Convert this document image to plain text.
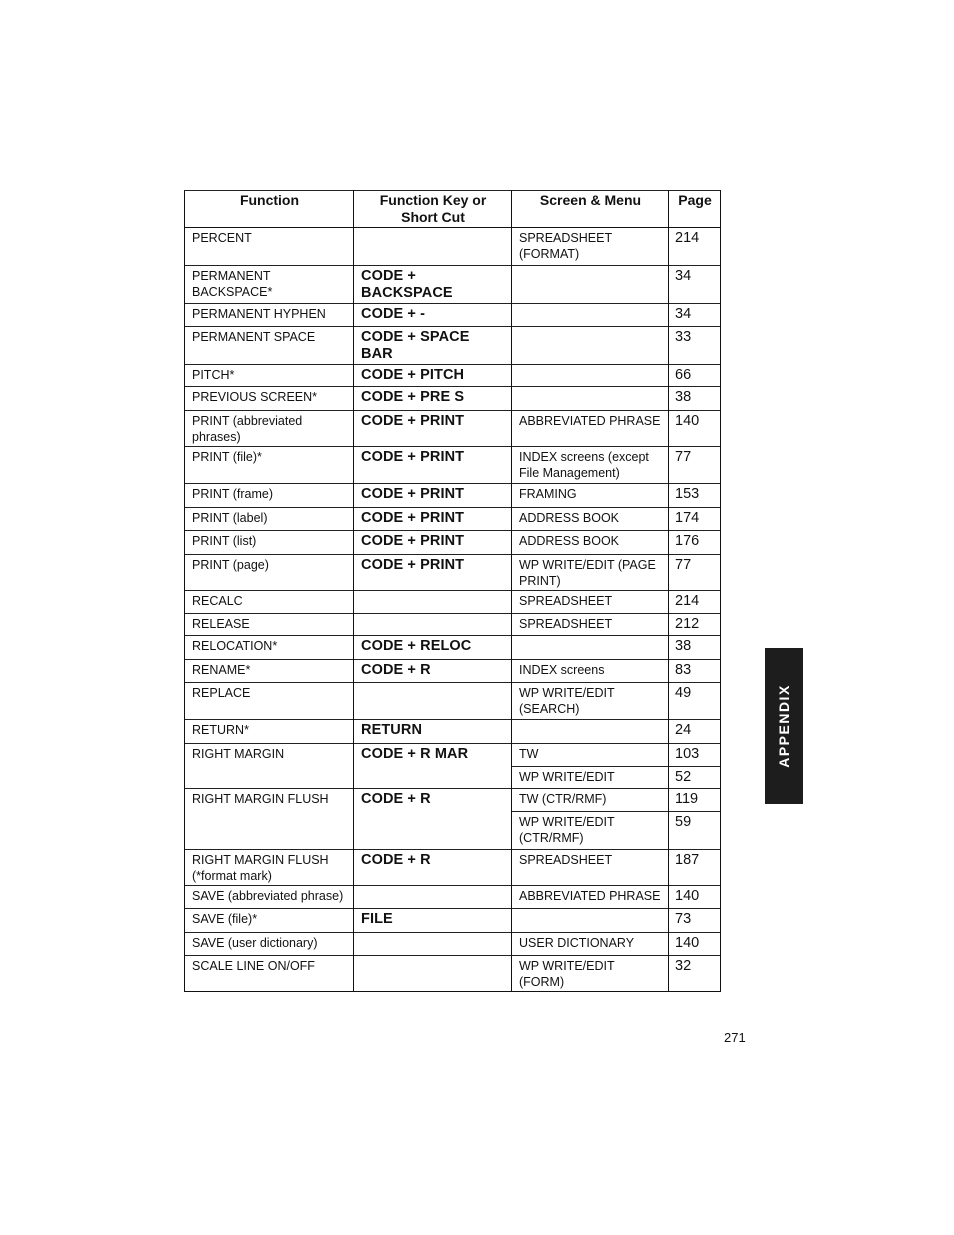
Function	Function Key or Short Cut	Screen & Menu	Page
PERCENT		SPREADSHEET (FORMAT)	214
PERMANENT BACKSPACE*	CODE + BACKSPACE		34
PERMANENT HYPHEN	CODE + -		34
PERMANENT SPACE	CODE + SPACE BAR		33
PITCH*	CODE + PITCH		66
PREVIOUS SCREEN*	CODE + PRE S		38
PRINT (abbreviated phrases)	CODE + PRINT	ABBREVIATED PHRASE	140
PRINT (file)*	CODE + PRINT	INDEX screens (except File Management)	77
PRINT (frame)	CODE + PRINT	FRAMING	153
PRINT (label)	CODE + PRINT	ADDRESS BOOK	174
PRINT (list)	CODE + PRINT	ADDRESS BOOK	176
PRINT (page)	CODE + PRINT	WP WRITE/EDIT (PAGE PRINT)	77
RECALC		SPREADSHEET	214
RELEASE		SPREADSHEET	212
RELOCATION*	CODE + RELOC		38
RENAME*	CODE + R	INDEX screens	83
REPLACE		WP WRITE/EDIT (SEARCH)	49
RETURN*	RETURN		24
RIGHT MARGIN	CODE + R MAR	TW	103
		WP WRITE/EDIT	52
RIGHT MARGIN FLUSH	CODE + R	TW (CTR/RMF)	119
		WP WRITE/EDIT (CTR/RMF)	59
RIGHT MARGIN FLUSH (*format mark)	CODE + R	SPREADSHEET	187
SAVE (abbreviated phrase)		ABBREVIATED PHRASE	140
SAVE (file)*	FILE		73
SAVE (user dictionary)		USER DICTIONARY	140
SCALE LINE ON/OFF		WP WRITE/EDIT (FORM)	32
APPENDIX
271
